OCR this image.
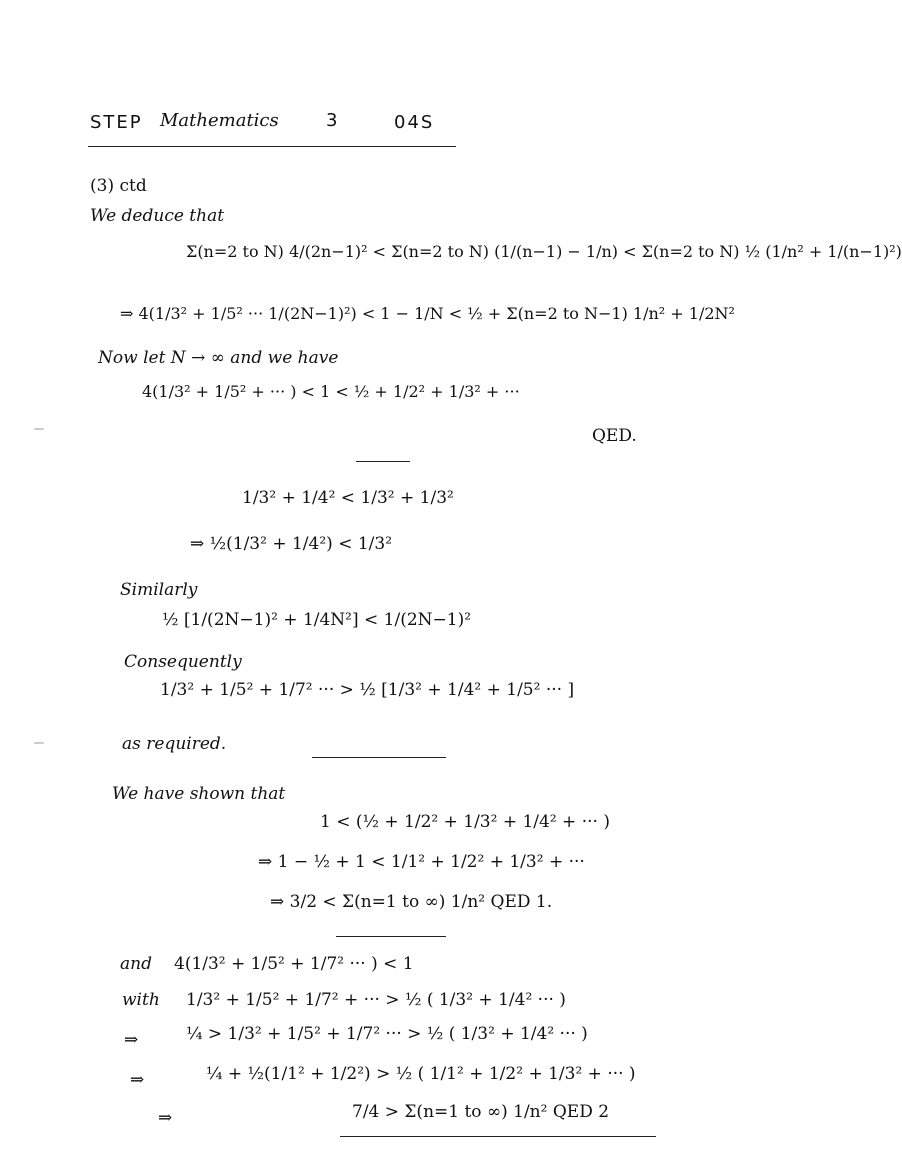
STEP Mathematics	3	04S
(3) ctd
We deduce that
Σ(n=2 to N) 4/(2n−1)² < Σ(n=2 to N) (1/(n−1) − 1/n) < Σ(n=2 to N) ½ (1/n² + 1/(n−1)²)
⇒ 4(1/3² + 1/5² ··· 1/(2N−1)²) < 1 − 1/N < ½ + Σ(n=2 to N−1) 1/n² + 1/2N²
Now let N → ∞ and we have
4(1/3² + 1/5² + ··· ) < 1 < ½ + 1/2² + 1/3² + ···
QED.
1/3² + 1/4² < 1/3² + 1/3²
⇒ ½(1/3² + 1/4²) < 1/3²
Similarly
½ [1/(2N−1)² + 1/4N²] < 1/(2N−1)²
Consequently
1/3² + 1/5² + 1/7² ··· > ½ [1/3² + 1/4² + 1/5² ··· ]
as required.
We have shown that
1 < (½ + 1/2² + 1/3² + 1/4² + ··· )
⇒ 1 − ½ + 1 < 1/1² + 1/2² + 1/3² + ···
⇒ 3/2 < Σ(n=1 to ∞) 1/n² QED 1.
and 4(1/3² + 1/5² + 1/7² ··· ) < 1
with 1/3² + 1/5² + 1/7² + ··· > ½ ( 1/3² + 1/4² ··· )
⇒	¼ > 1/3² + 1/5² + 1/7² ··· > ½ ( 1/3² + 1/4² ··· )
⇒	¼ + ½(1/1² + 1/2²) > ½ ( 1/1² + 1/2² + 1/3² + ··· )
⇒	7/4 > Σ(n=1 to ∞) 1/n² QED 2
